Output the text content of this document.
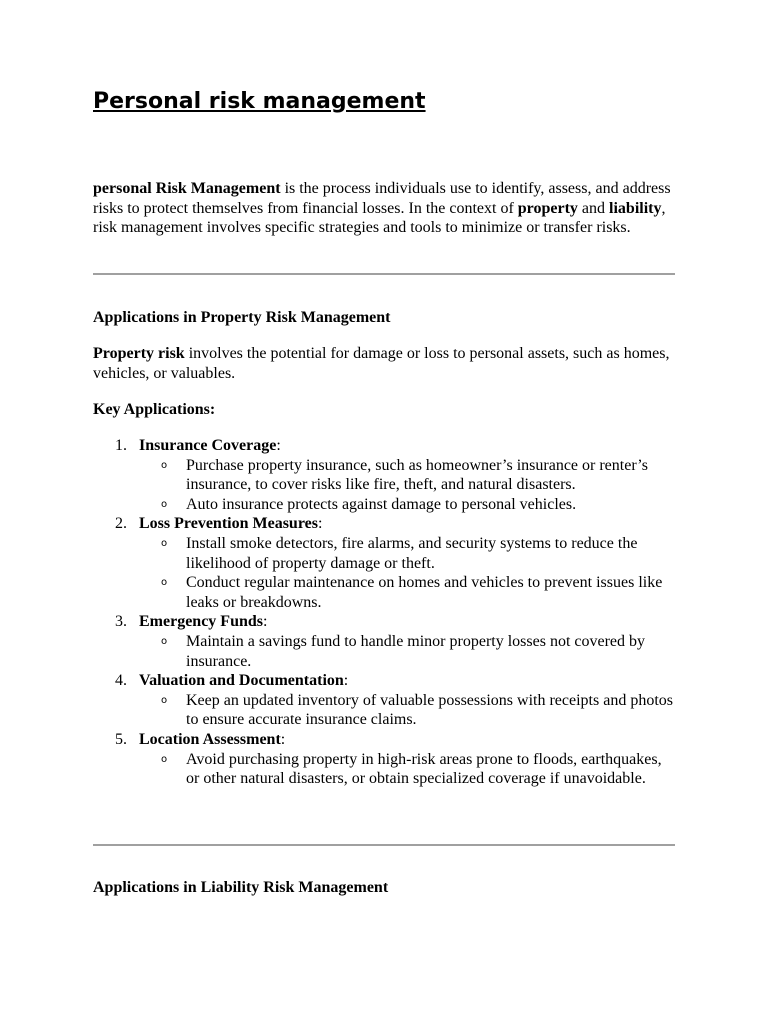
Personal risk management

personal Risk Management is the process individuals use to identify, assess, and address risks to protect themselves from financial losses. In the context of property and liability, risk management involves specific strategies and tools to minimize or transfer risks.

Applications in Property Risk Management

Property risk involves the potential for damage or loss to personal assets, such as homes, vehicles, or valuables.

Key Applications:
1. Insurance Coverage:
o Purchase property insurance, such as homeowner’s insurance or renter’s insurance, to cover risks like fire, theft, and natural disasters.
o Auto insurance protects against damage to personal vehicles.
2. Loss Prevention Measures:
o Install smoke detectors, fire alarms, and security systems to reduce the likelihood of property damage or theft.
o Conduct regular maintenance on homes and vehicles to prevent issues like leaks or breakdowns.
3. Emergency Funds:
o Maintain a savings fund to handle minor property losses not covered by insurance.
4. Valuation and Documentation:
o Keep an updated inventory of valuable possessions with receipts and photos to ensure accurate insurance claims.
5. Location Assessment:
o Avoid purchasing property in high-risk areas prone to floods, earthquakes, or other natural disasters, or obtain specialized coverage if unavoidable.
Applications in Liability Risk Management
